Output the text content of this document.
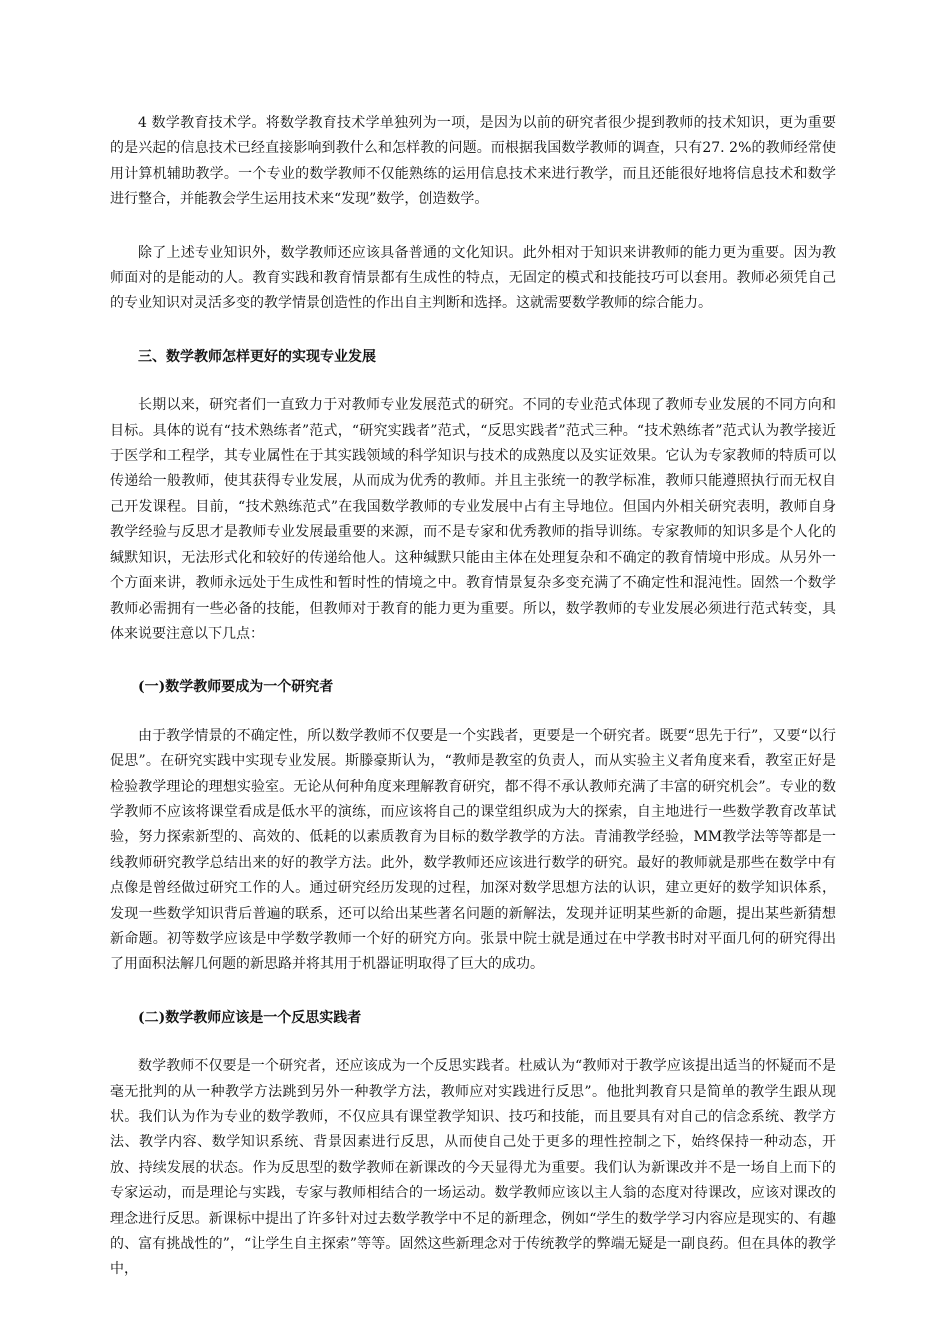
4 数学教育技术学。将数学教育技术学单独列为一项，是因为以前的研究者很少提到教师的技术知识，更为重要的是兴起的信息技术已经直接影响到教什么和怎样教的问题。而根据我国数学教师的调查，只有27. 2%的教师经常使用计算机辅助教学。一个专业的数学教师不仅能熟练的运用信息技术来进行教学，而且还能很好地将信息技术和数学进行整合，并能教会学生运用技术来“发现”数学，创造数学。

除了上述专业知识外，数学教师还应该具备普通的文化知识。此外相对于知识来讲教师的能力更为重要。因为教师面对的是能动的人。教育实践和教育情景都有生成性的特点，无固定的模式和技能技巧可以套用。教师必须凭自己的专业知识对灵活多变的教学情景创造性的作出自主判断和选择。这就需要数学教师的综合能力。

三、数学教师怎样更好的实现专业发展

长期以来，研究者们一直致力于对教师专业发展范式的研究。不同的专业范式体现了教师专业发展的不同方向和目标。具体的说有“技术熟练者”范式，“研究实践者”范式，“反思实践者”范式三种。“技术熟练者”范式认为教学接近于医学和工程学，其专业属性在于其实践领域的科学知识与技术的成熟度以及实证效果。它认为专家教师的特质可以传递给一般教师，使其获得专业发展，从而成为优秀的教师。并且主张统一的教学标准，教师只能遵照执行而无权自己开发课程。目前，“技术熟练范式”在我国数学教师的专业发展中占有主导地位。但国内外相关研究表明，教师自身教学经验与反思才是教师专业发展最重要的来源，而不是专家和优秀教师的指导训练。专家教师的知识多是个人化的缄默知识，无法形式化和较好的传递给他人。这种缄默只能由主体在处理复杂和不确定的教育情境中形成。从另外一个方面来讲，教师永远处于生成性和暂时性的情境之中。教育情景复杂多变充满了不确定性和混沌性。固然一个数学教师必需拥有一些必备的技能，但教师对于教育的能力更为重要。所以，数学教师的专业发展必须进行范式转变，具体来说要注意以下几点：

(一)数学教师要成为一个研究者

由于教学情景的不确定性，所以数学教师不仅要是一个实践者，更要是一个研究者。既要“思先于行”，又要“以行促思”。在研究实践中实现专业发展。斯滕豪斯认为，“教师是教室的负责人，而从实验主义者角度来看，教室正好是检验教学理论的理想实验室。无论从何种角度来理解教育研究，都不得不承认教师充满了丰富的研究机会”。专业的数学教师不应该将课堂看成是低水平的演练，而应该将自己的课堂组织成为大的探索，自主地进行一些数学教育改革试验，努力探索新型的、高效的、低耗的以素质教育为目标的数学教学的方法。青浦教学经验，MM教学法等等都是一线教师研究教学总结出来的好的教学方法。此外，数学教师还应该进行数学的研究。最好的教师就是那些在数学中有点像是曾经做过研究工作的人。通过研究经历发现的过程，加深对数学思想方法的认识，建立更好的数学知识体系，发现一些数学知识背后普遍的联系，还可以给出某些著名问题的新解法，发现并证明某些新的命题，提出某些新猜想新命题。初等数学应该是中学数学教师一个好的研究方向。张景中院士就是通过在中学教书时对平面几何的研究得出了用面积法解几何题的新思路并将其用于机器证明取得了巨大的成功。

(二)数学教师应该是一个反思实践者

数学教师不仅要是一个研究者，还应该成为一个反思实践者。杜威认为“教师对于教学应该提出适当的怀疑而不是毫无批判的从一种教学方法跳到另外一种教学方法，教师应对实践进行反思”。他批判教育只是简单的教学生跟从现状。我们认为作为专业的数学教师，不仅应具有课堂教学知识、技巧和技能，而且要具有对自己的信念系统、教学方法、教学内容、数学知识系统、背景因素进行反思，从而使自己处于更多的理性控制之下，始终保持一种动态，开放、持续发展的状态。作为反思型的数学教师在新课改的今天显得尤为重要。我们认为新课改并不是一场自上而下的专家运动，而是理论与实践，专家与教师相结合的一场运动。数学教师应该以主人翁的态度对待课改，应该对课改的理念进行反思。新课标中提出了许多针对过去数学教学中不足的新理念，例如“学生的数学学习内容应是现实的、有趣的、富有挑战性的”，“让学生自主探索”等等。固然这些新理念对于传统教学的弊端无疑是一副良药。但在具体的教学中，
